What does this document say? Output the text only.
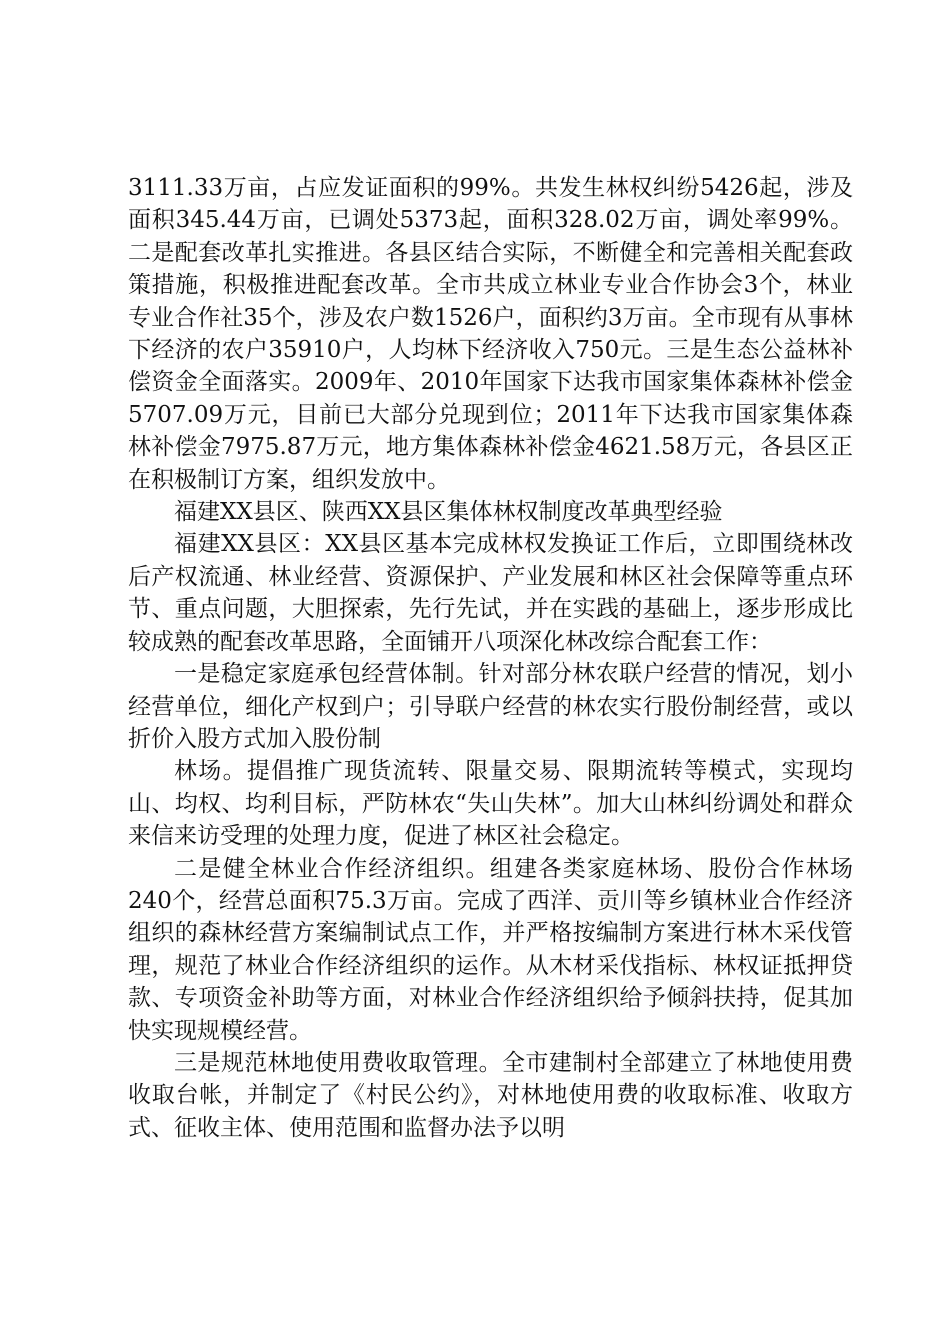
3111.33万亩，占应发证面积的99%。共发生林权纠纷5426起，涉及面积345.44万亩，已调处5373起，面积328.02万亩，调处率99%。二是配套改革扎实推进。各县区结合实际，不断健全和完善相关配套政策措施，积极推进配套改革。全市共成立林业专业合作协会3个，林业专业合作社35个，涉及农户数1526户，面积约3万亩。全市现有从事林下经济的农户35910户，人均林下经济收入750元。三是生态公益林补偿资金全面落实。2009年、2010年国家下达我市国家集体森林补偿金5707.09万元，目前已大部分兑现到位；2011年下达我市国家集体森林补偿金7975.87万元，地方集体森林补偿金4621.58万元，各县区正在积极制订方案，组织发放中。

福建XX县区、陕西XX县区集体林权制度改革典型经验

福建XX县区：XX县区基本完成林权发换证工作后，立即围绕林改后产权流通、林业经营、资源保护、产业发展和林区社会保障等重点环节、重点问题，大胆探索，先行先试，并在实践的基础上，逐步形成比较成熟的配套改革思路，全面铺开八项深化林改综合配套工作：

一是稳定家庭承包经营体制。针对部分林农联户经营的情况，划小经营单位，细化产权到户；引导联户经营的林农实行股份制经营，或以折价入股方式加入股份制

林场。提倡推广现货流转、限量交易、限期流转等模式，实现均山、均权、均利目标，严防林农“失山失林”。加大山林纠纷调处和群众来信来访受理的处理力度，促进了林区社会稳定。

二是健全林业合作经济组织。组建各类家庭林场、股份合作林场240个，经营总面积75.3万亩。完成了西洋、贡川等乡镇林业合作经济组织的森林经营方案编制试点工作，并严格按编制方案进行林木采伐管理，规范了林业合作经济组织的运作。从木材采伐指标、林权证抵押贷款、专项资金补助等方面，对林业合作经济组织给予倾斜扶持，促其加快实现规模经营。

三是规范林地使用费收取管理。全市建制村全部建立了林地使用费收取台帐，并制定了《村民公约》，对林地使用费的收取标准、收取方式、征收主体、使用范围和监督办法予以明
